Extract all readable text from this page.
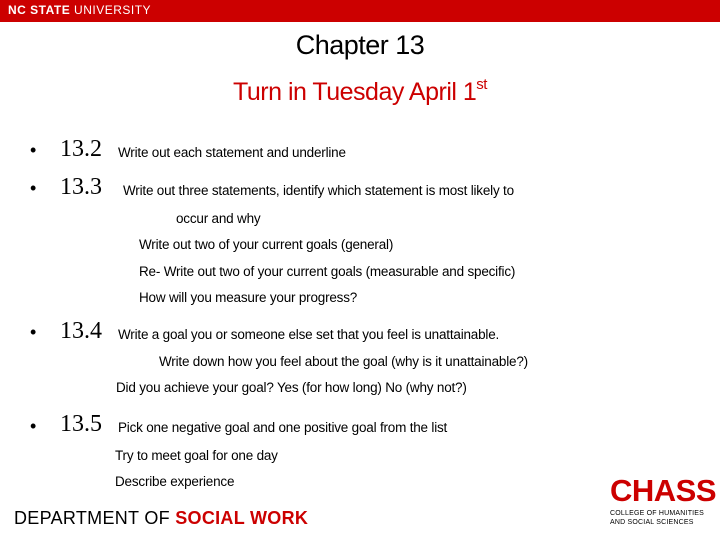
NC STATE UNIVERSITY
Chapter 13
Turn in Tuesday April 1st
• 13.2 Write out each statement and underline
• 13.3 Write out three statements, identify which statement is most likely to
occur and why
Write out two of your current goals (general)
Re- Write out two of your current goals (measurable and specific)
How will you measure your progress?
• 13.4 Write a goal you or someone else set that you feel is unattainable.
Write down how you feel about the goal (why is it unattainable?)
Did you achieve your goal? Yes (for how long) No (why not?)
• 13.5 Pick one negative goal and one positive goal from the list
Try to meet goal for one day
Describe experience
DEPARTMENT OF SOCIAL WORK
CHASS
COLLEGE OF HUMANITIES
AND SOCIAL SCIENCES
